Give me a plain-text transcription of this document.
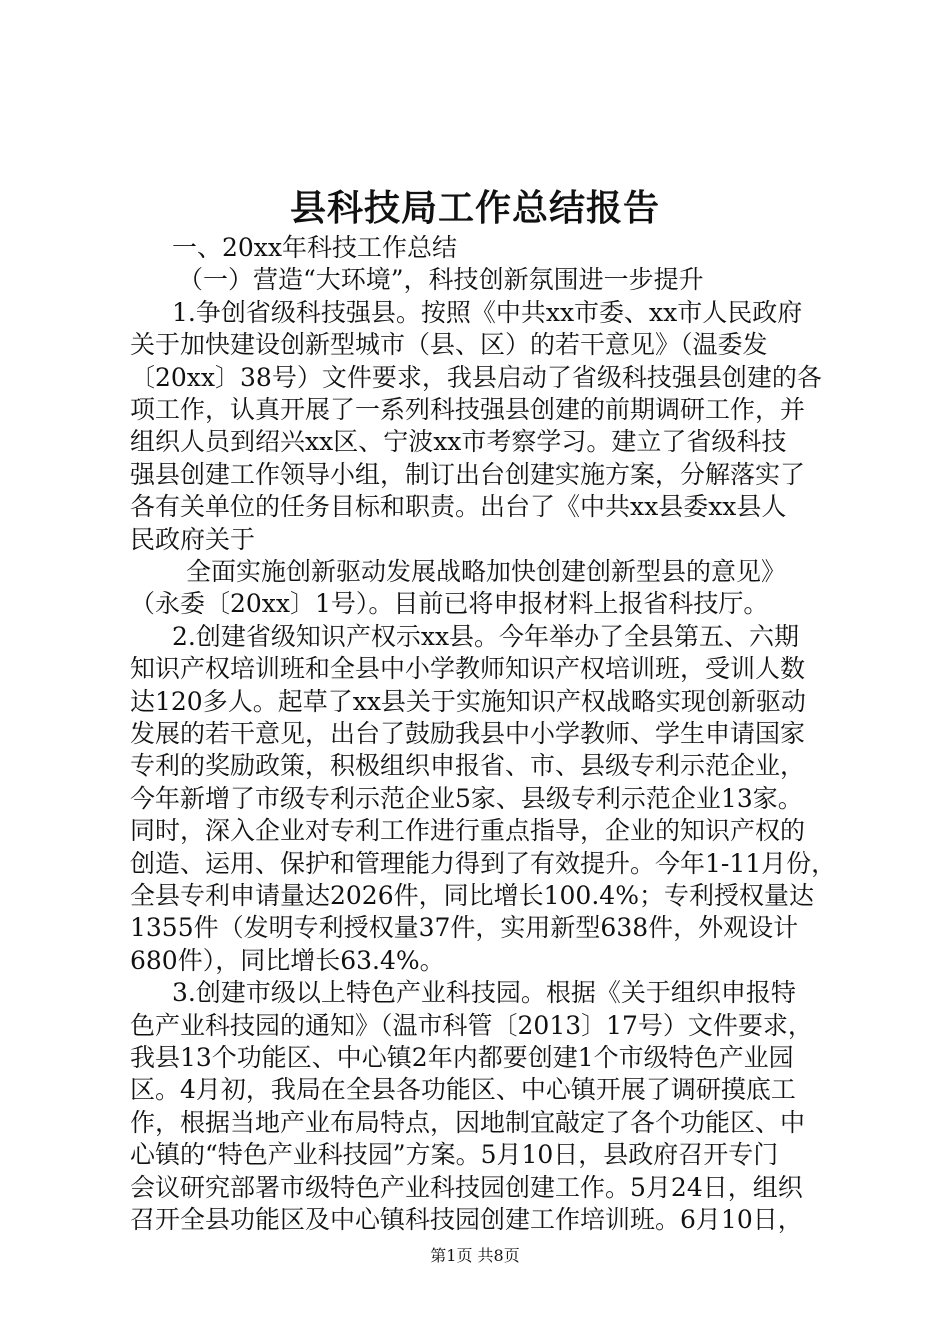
县科技局工作总结报告
一、20xx年科技工作总结
（一）营造“大环境”，科技创新氛围进一步提升
1.争创省级科技强县。按照《中共xx市委、xx市人民政府
关于加快建设创新型城市（县、区）的若干意见》（温委发
〔20xx〕38号）文件要求，我县启动了省级科技强县创建的各
项工作，认真开展了一系列科技强县创建的前期调研工作，并
组织人员到绍兴xx区、宁波xx市考察学习。建立了省级科技
强县创建工作领导小组，制订出台创建实施方案，分解落实了
各有关单位的任务目标和职责。出台了《中共xx县委xx县人
民政府关于
全面实施创新驱动发展战略加快创建创新型县的意见》
（永委〔20xx〕1号）。目前已将申报材料上报省科技厅。
2.创建省级知识产权示xx县。今年举办了全县第五、六期
知识产权培训班和全县中小学教师知识产权培训班，受训人数
达120多人。起草了xx县关于实施知识产权战略实现创新驱动
发展的若干意见，出台了鼓励我县中小学教师、学生申请国家
专利的奖励政策，积极组织申报省、市、县级专利示范企业，
今年新增了市级专利示范企业5家、县级专利示范企业13家。
同时，深入企业对专利工作进行重点指导，企业的知识产权的
创造、运用、保护和管理能力得到了有效提升。今年1-11月份，
全县专利申请量达2026件，同比增长100.4%；专利授权量达
1355件（发明专利授权量37件，实用新型638件，外观设计
680件），同比增长63.4%。
3.创建市级以上特色产业科技园。根据《关于组织申报特
色产业科技园的通知》（温市科管〔2013〕17号）文件要求，
我县13个功能区、中心镇2年内都要创建1个市级特色产业园
区。4月初，我局在全县各功能区、中心镇开展了调研摸底工
作，根据当地产业布局特点，因地制宜敲定了各个功能区、中
心镇的“特色产业科技园”方案。5月10日，县政府召开专门
会议研究部署市级特色产业科技园创建工作。5月24日，组织
召开全县功能区及中心镇科技园创建工作培训班。6月10日，
第1页 共8页
